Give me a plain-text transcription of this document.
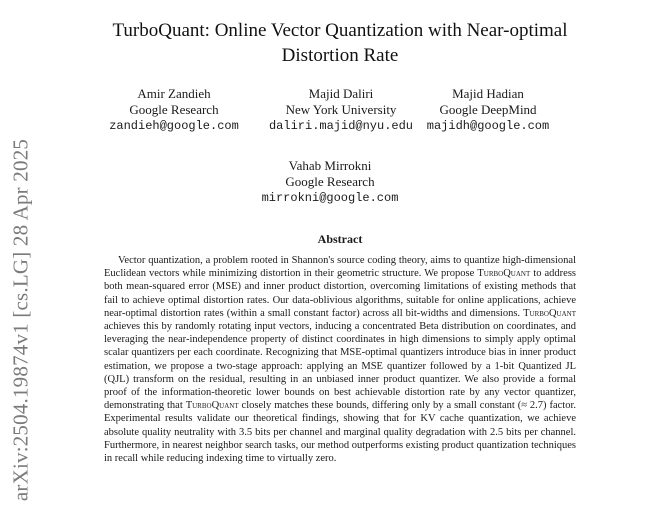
arXiv:2504.19874v1 [cs.LG] 28 Apr 2025
TurboQuant: Online Vector Quantization with Near-optimal
Distortion Rate
Amir Zandieh
Google Research
zandieh@google.com
Majid Daliri
New York University
daliri.majid@nyu.edu
Majid Hadian
Google DeepMind
majidh@google.com
Vahab Mirrokni
Google Research
mirrokni@google.com
Abstract
Vector quantization, a problem rooted in Shannon's source coding theory, aims to quantize high-dimensional Euclidean vectors while minimizing distortion in their geometric structure. We propose TurboQuant to address both mean-squared error (MSE) and inner product distortion, overcoming limitations of existing methods that fail to achieve optimal distortion rates. Our data-oblivious algorithms, suitable for online applications, achieve near-optimal distortion rates (within a small constant factor) across all bit-widths and dimensions. TurboQuant achieves this by randomly rotating input vectors, inducing a concentrated Beta distribution on coordinates, and leveraging the near-independence property of distinct coordinates in high dimensions to simply apply optimal scalar quantizers per each coordinate. Recognizing that MSE-optimal quantizers introduce bias in inner product estimation, we propose a two-stage approach: applying an MSE quantizer followed by a 1-bit Quantized JL (QJL) transform on the residual, resulting in an unbiased inner product quantizer. We also provide a formal proof of the information-theoretic lower bounds on best achievable distortion rate by any vector quantizer, demonstrating that TurboQuant closely matches these bounds, differing only by a small constant (≈ 2.7) factor. Experimental results validate our theoretical findings, showing that for KV cache quantization, we achieve absolute quality neutrality with 3.5 bits per channel and marginal quality degradation with 2.5 bits per channel. Furthermore, in nearest neighbor search tasks, our method outperforms existing product quantization techniques in recall while reducing indexing time to virtually zero.
